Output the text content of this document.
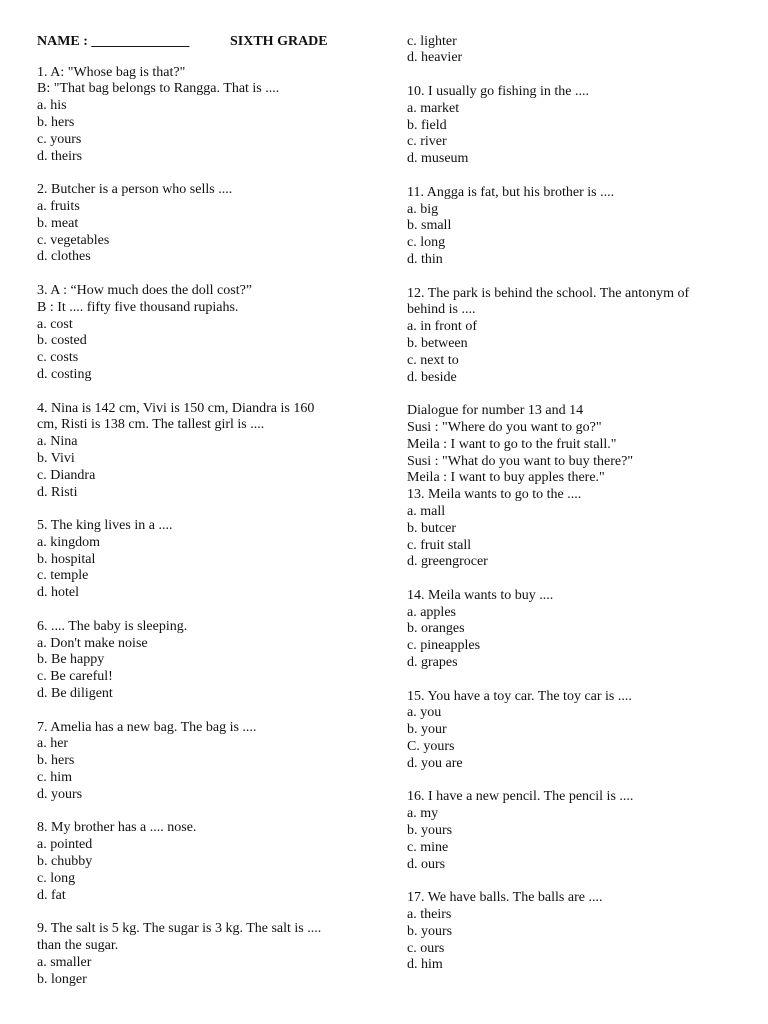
NAME : ______________	SIXTH GRADE
1. A: "Whose bag is that?"
B: "That bag belongs to Rangga. That is ....
a. his
b. hers
c. yours
d. theirs
2. Butcher is a person who sells ....
a. fruits
b. meat
c. vegetables
d. clothes
3. A : “How much does the doll cost?”
B : It .... fifty five thousand rupiahs.
a. cost
b. costed
c. costs
d. costing
4. Nina is 142 cm, Vivi is 150 cm, Diandra is 160
cm, Risti is 138 cm. The tallest girl is ....
a. Nina
b. Vivi
c. Diandra
d. Risti
5. The king lives in a ....
a. kingdom
b. hospital
c. temple
d. hotel
6. .... The baby is sleeping.
a. Don't make noise
b. Be happy
c. Be careful!
d. Be diligent
7. Amelia has a new bag. The bag is ....
a. her
b. hers
c. him
d. yours
8. My brother has a .... nose.
a. pointed
b. chubby
c. long
d. fat
9. The salt is 5 kg. The sugar is 3 kg. The salt is ....
than the sugar.
a. smaller
b. longer
c. lighter
d. heavier
10. I usually go fishing in the ....
a. market
b. field
c. river
d. museum
11. Angga is fat, but his brother is ....
a. big
b. small
c. long
d. thin
12. The park is behind the school. The antonym of
behind is ....
a. in front of
b. between
c. next to
d. beside
Dialogue for number 13 and 14
Susi : "Where do you want to go?"
Meila : I want to go to the fruit stall."
Susi : "What do you want to buy there?"
Meila : I want to buy apples there."
13. Meila wants to go to the ....
a. mall
b. butcer
c. fruit stall
d. greengrocer
14. Meila wants to buy ....
a. apples
b. oranges
c. pineapples
d. grapes
15. You have a toy car. The toy car is ....
a. you
b. your
C. yours
d. you are
16. I have a new pencil. The pencil is ....
a. my
b. yours
c. mine
d. ours
17. We have balls. The balls are ....
a. theirs
b. yours
c. ours
d. him
